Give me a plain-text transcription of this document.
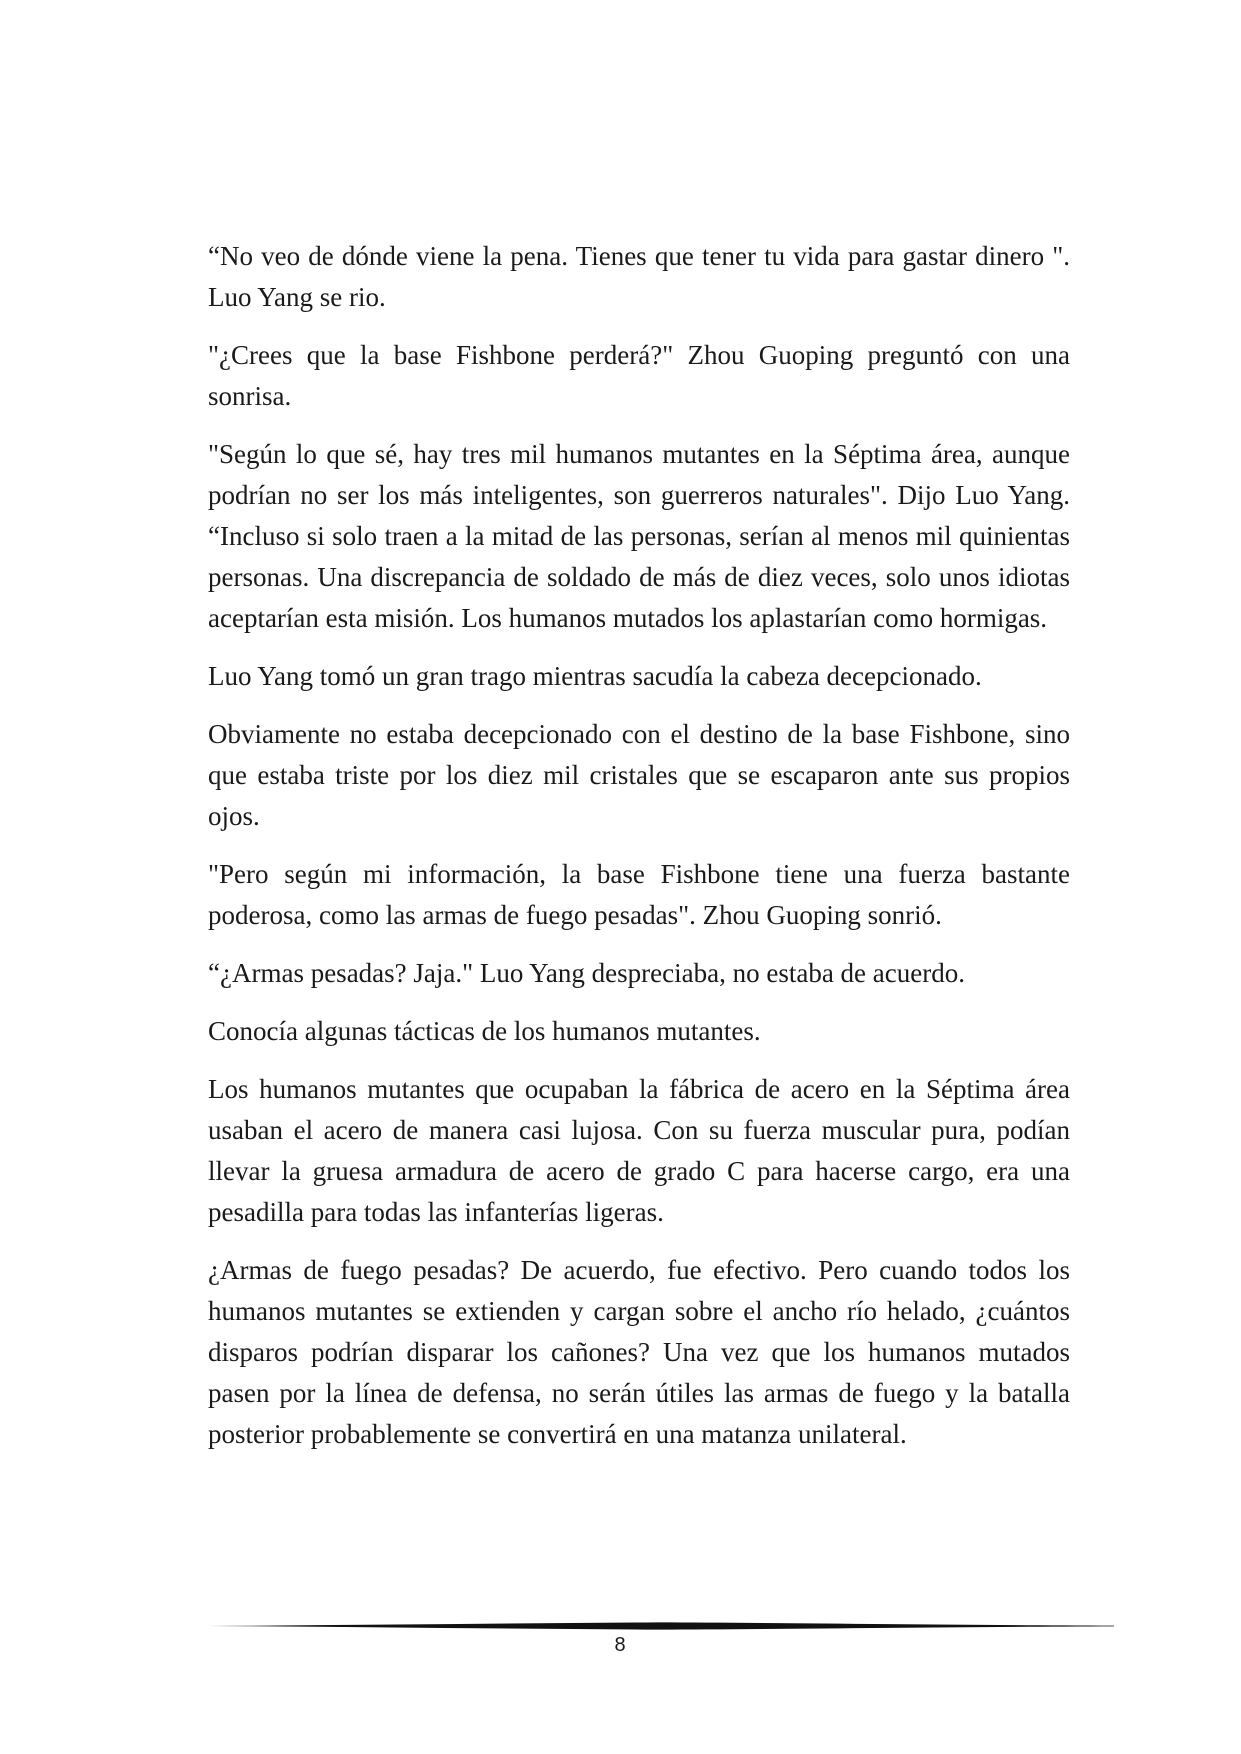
“No veo de dónde viene la pena. Tienes que tener tu vida para gastar dinero ". Luo Yang se rio.

"¿Crees que la base Fishbone perderá?" Zhou Guoping preguntó con una sonrisa.

"Según lo que sé, hay tres mil humanos mutantes en la Séptima área, aunque podrían no ser los más inteligentes, son guerreros naturales". Dijo Luo Yang. “Incluso si solo traen a la mitad de las personas, serían al menos mil quinientas personas. Una discrepancia de soldado de más de diez veces, solo unos idiotas aceptarían esta misión. Los humanos mutados los aplastarían como hormigas.

Luo Yang tomó un gran trago mientras sacudía la cabeza decepcionado.

Obviamente no estaba decepcionado con el destino de la base Fishbone, sino que estaba triste por los diez mil cristales que se escaparon ante sus propios ojos.

"Pero según mi información, la base Fishbone tiene una fuerza bastante poderosa, como las armas de fuego pesadas". Zhou Guoping sonrió.

“¿Armas pesadas? Jaja." Luo Yang despreciaba, no estaba de acuerdo.

Conocía algunas tácticas de los humanos mutantes.

Los humanos mutantes que ocupaban la fábrica de acero en la Séptima área usaban el acero de manera casi lujosa. Con su fuerza muscular pura, podían llevar la gruesa armadura de acero de grado C para hacerse cargo, era una pesadilla para todas las infanterías ligeras.

¿Armas de fuego pesadas? De acuerdo, fue efectivo. Pero cuando todos los humanos mutantes se extienden y cargan sobre el ancho río helado, ¿cuántos disparos podrían disparar los cañones? Una vez que los humanos mutados pasen por la línea de defensa, no serán útiles las armas de fuego y la batalla posterior probablemente se convertirá en una matanza unilateral.

8
